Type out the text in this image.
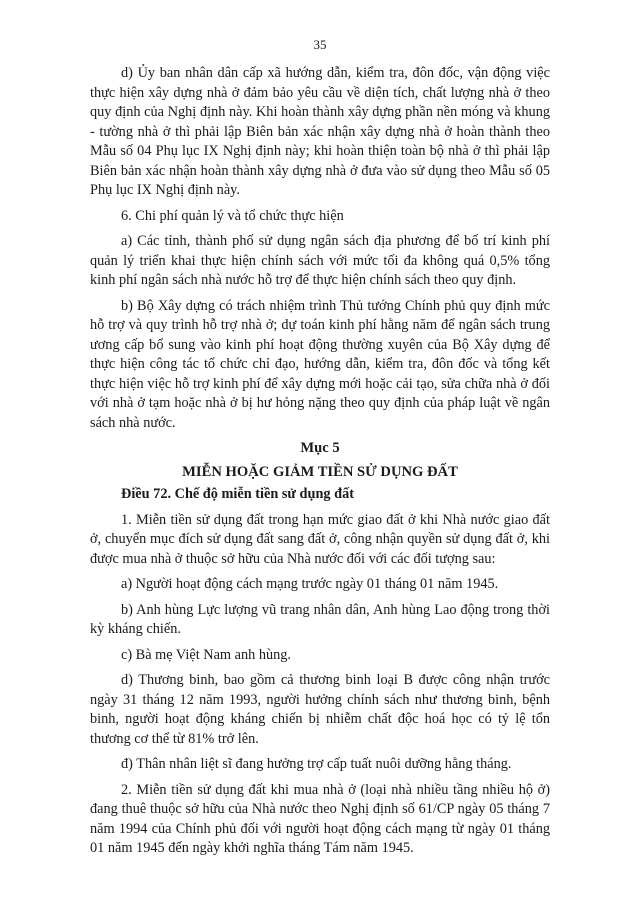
35

d) Ủy ban nhân dân cấp xã hướng dẫn, kiểm tra, đôn đốc, vận động việc thực hiện xây dựng nhà ở đảm bảo yêu cầu về diện tích, chất lượng nhà ở theo quy định của Nghị định này. Khi hoàn thành xây dựng phần nền móng và khung - tường nhà ở thì phải lập Biên bản xác nhận xây dựng nhà ở hoàn thành theo Mẫu số 04 Phụ lục IX Nghị định này; khi hoàn thiện toàn bộ nhà ở thì phải lập Biên bản xác nhận hoàn thành xây dựng nhà ở đưa vào sử dụng theo Mẫu số 05 Phụ lục IX Nghị định này.

6. Chi phí quản lý và tổ chức thực hiện

a) Các tỉnh, thành phố sử dụng ngân sách địa phương để bố trí kinh phí quản lý triển khai thực hiện chính sách với mức tối đa không quá 0,5% tổng kinh phí ngân sách nhà nước hỗ trợ để thực hiện chính sách theo quy định.

b) Bộ Xây dựng có trách nhiệm trình Thủ tướng Chính phủ quy định mức hỗ trợ và quy trình hỗ trợ nhà ở; dự toán kinh phí hằng năm để ngân sách trung ương cấp bổ sung vào kinh phí hoạt động thường xuyên của Bộ Xây dựng để thực hiện công tác tổ chức chỉ đạo, hướng dẫn, kiểm tra, đôn đốc và tổng kết thực hiện việc hỗ trợ kinh phí để xây dựng mới hoặc cải tạo, sửa chữa nhà ở đối với nhà ở tạm hoặc nhà ở bị hư hỏng nặng theo quy định của pháp luật về ngân sách nhà nước.

Mục 5

MIỄN HOẶC GIẢM TIỀN SỬ DỤNG ĐẤT

Điều 72. Chế độ miễn tiền sử dụng đất

1. Miễn tiền sử dụng đất trong hạn mức giao đất ở khi Nhà nước giao đất ở, chuyển mục đích sử dụng đất sang đất ở, công nhận quyền sử dụng đất ở, khi được mua nhà ở thuộc sở hữu của Nhà nước đối với các đối tượng sau:

a) Người hoạt động cách mạng trước ngày 01 tháng 01 năm 1945.

b) Anh hùng Lực lượng vũ trang nhân dân, Anh hùng Lao động trong thời kỳ kháng chiến.

c) Bà mẹ Việt Nam anh hùng.

d) Thương binh, bao gồm cả thương binh loại B được công nhận trước ngày 31 tháng 12 năm 1993, người hưởng chính sách như thương binh, bệnh binh, người hoạt động kháng chiến bị nhiễm chất độc hoá học có tỷ lệ tổn thương cơ thể từ 81% trở lên.

đ) Thân nhân liệt sĩ đang hưởng trợ cấp tuất nuôi dưỡng hằng tháng.

2. Miễn tiền sử dụng đất khi mua nhà ở (loại nhà nhiều tầng nhiều hộ ở) đang thuê thuộc sở hữu của Nhà nước theo Nghị định số 61/CP ngày 05 tháng 7 năm 1994 của Chính phủ đối với người hoạt động cách mạng từ ngày 01 tháng 01 năm 1945 đến ngày khởi nghĩa tháng Tám năm 1945.
